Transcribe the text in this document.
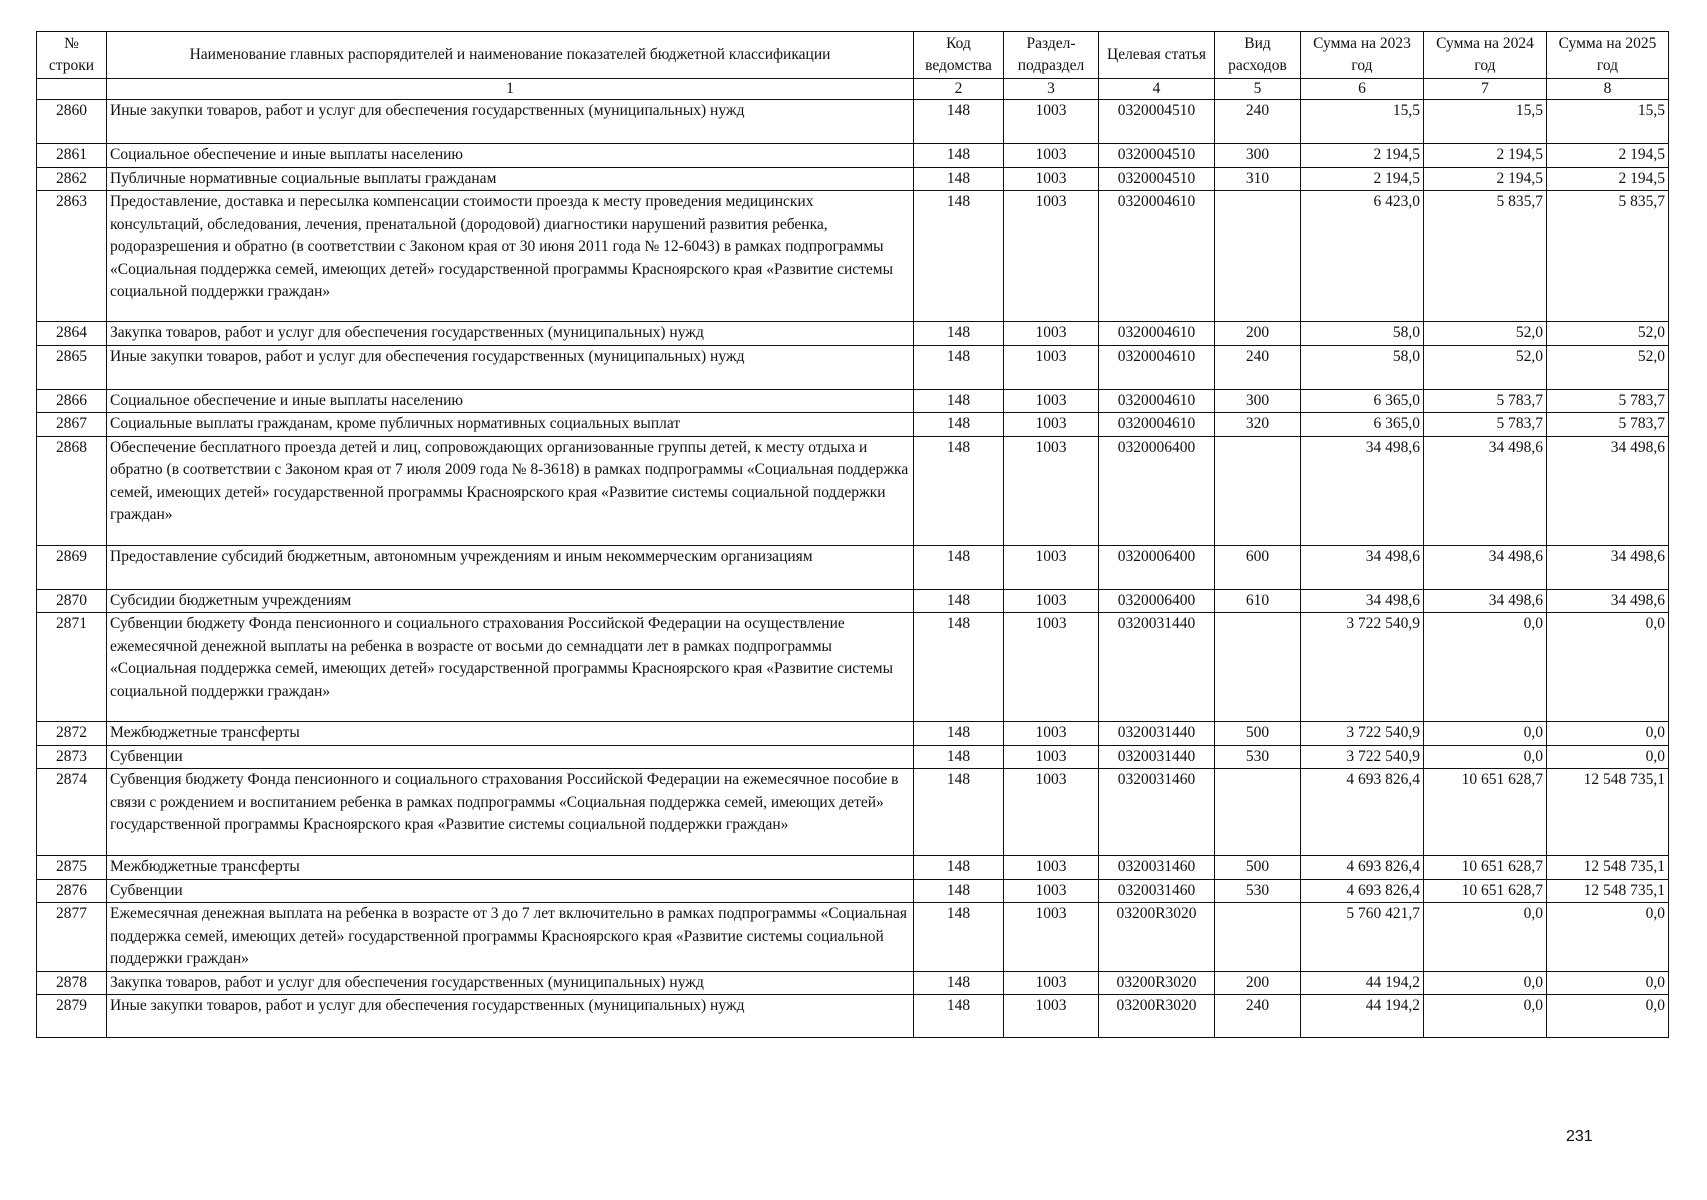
№ строки	Наименование главных распорядителей и наименование показателей бюджетной классификации	Код ведомства	Раздел-подраздел	Целевая статья	Вид расходов	Сумма на 2023 год	Сумма на 2024 год	Сумма на 2025 год
	1	2	3	4	5	6	7	8
2860	Иные закупки товаров, работ и услуг для обеспечения государственных (муниципальных) нужд	148	1003	0320004510	240	15,5	15,5	15,5
2861	Социальное обеспечение и иные выплаты населению	148	1003	0320004510	300	2 194,5	2 194,5	2 194,5
2862	Публичные нормативные социальные выплаты гражданам	148	1003	0320004510	310	2 194,5	2 194,5	2 194,5
2863	Предоставление, доставка и пересылка компенсации стоимости проезда к месту проведения медицинских консультаций, обследования, лечения, пренатальной (дородовой) диагностики нарушений развития ребенка, родоразрешения и обратно (в соответствии с Законом края от 30 июня 2011 года № 12-6043) в рамках подпрограммы «Социальная поддержка семей, имеющих детей» государственной программы Красноярского края «Развитие системы социальной поддержки граждан»	148	1003	0320004610		6 423,0	5 835,7	5 835,7
2864	Закупка товаров, работ и услуг для обеспечения государственных (муниципальных) нужд	148	1003	0320004610	200	58,0	52,0	52,0
2865	Иные закупки товаров, работ и услуг для обеспечения государственных (муниципальных) нужд	148	1003	0320004610	240	58,0	52,0	52,0
2866	Социальное обеспечение и иные выплаты населению	148	1003	0320004610	300	6 365,0	5 783,7	5 783,7
2867	Социальные выплаты гражданам, кроме публичных нормативных социальных выплат	148	1003	0320004610	320	6 365,0	5 783,7	5 783,7
2868	Обеспечение бесплатного проезда детей и лиц, сопровождающих организованные группы детей, к месту отдыха и обратно (в соответствии с Законом края от 7 июля 2009 года № 8-3618) в рамках подпрограммы «Социальная поддержка семей, имеющих детей» государственной программы Красноярского края «Развитие системы социальной поддержки граждан»	148	1003	0320006400		34 498,6	34 498,6	34 498,6
2869	Предоставление субсидий бюджетным, автономным учреждениям и иным некоммерческим организациям	148	1003	0320006400	600	34 498,6	34 498,6	34 498,6
2870	Субсидии бюджетным учреждениям	148	1003	0320006400	610	34 498,6	34 498,6	34 498,6
2871	Субвенции бюджету Фонда пенсионного и социального страхования Российской Федерации на осуществление ежемесячной денежной выплаты на ребенка в возрасте от восьми до семнадцати лет в рамках подпрограммы «Социальная поддержка семей, имеющих детей» государственной программы Красноярского края «Развитие системы социальной поддержки граждан»	148	1003	0320031440		3 722 540,9	0,0	0,0
2872	Межбюджетные трансферты	148	1003	0320031440	500	3 722 540,9	0,0	0,0
2873	Субвенции	148	1003	0320031440	530	3 722 540,9	0,0	0,0
2874	Субвенция бюджету Фонда пенсионного и социального страхования Российской Федерации на ежемесячное пособие в связи с рождением и воспитанием ребенка в рамках подпрограммы «Социальная поддержка семей, имеющих детей» государственной программы Красноярского края «Развитие системы социальной поддержки граждан»	148	1003	0320031460		4 693 826,4	10 651 628,7	12 548 735,1
2875	Межбюджетные трансферты	148	1003	0320031460	500	4 693 826,4	10 651 628,7	12 548 735,1
2876	Субвенции	148	1003	0320031460	530	4 693 826,4	10 651 628,7	12 548 735,1
2877	Ежемесячная денежная выплата на ребенка в возрасте от 3 до 7 лет включительно в рамках подпрограммы «Социальная поддержка семей, имеющих детей» государственной программы Красноярского края «Развитие системы социальной поддержки граждан»	148	1003	03200R3020		5 760 421,7	0,0	0,0
2878	Закупка товаров, работ и услуг для обеспечения государственных (муниципальных) нужд	148	1003	03200R3020	200	44 194,2	0,0	0,0
2879	Иные закупки товаров, работ и услуг для обеспечения государственных (муниципальных) нужд	148	1003	03200R3020	240	44 194,2	0,0	0,0
231
